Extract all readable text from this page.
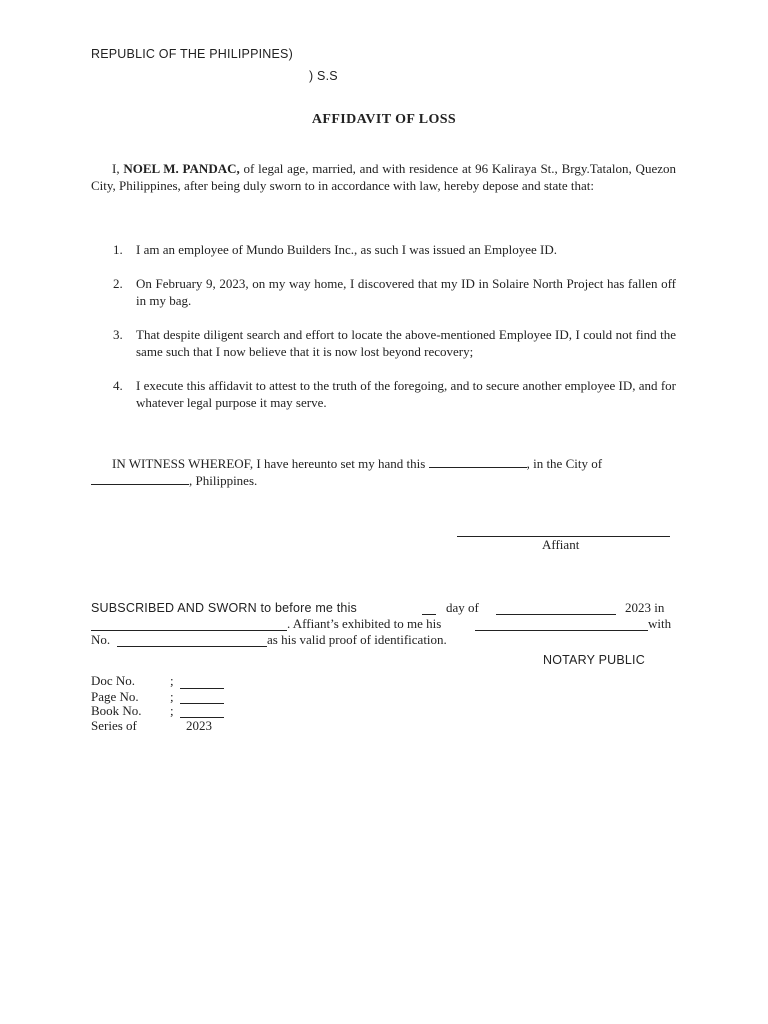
REPUBLIC OF THE PHILIPPINES)
) S.S
AFFIDAVIT OF LOSS
I, NOEL M. PANDAC, of legal age, married, and with residence at 96 Kaliraya St., Brgy.Tatalon, Quezon City, Philippines, after being duly sworn to in accordance with law, hereby depose and state that:
1. I am an employee of Mundo Builders Inc., as such I was issued an Employee ID.
2. On February 9, 2023, on my way home, I discovered that my ID in Solaire North Project has fallen off in my bag.
3. That despite diligent search and effort to locate the above-mentioned Employee ID, I could not find the same such that I now believe that it is now lost beyond recovery;
4. I execute this affidavit to attest to the truth of the foregoing, and to secure another employee ID, and for whatever legal purpose it may serve.
IN WITNESS WHEREOF, I have hereunto set my hand this	, in the City of
, Philippines.
Affiant
SUBSCRIBED AND SWORN to before me this	day of	2023 in
. Affiant’s exhibited to me his	with
No.	as his valid proof of identification.
NOTARY PUBLIC
Doc No.	;
Page No. ;
Book No. ;
Series of	2023
